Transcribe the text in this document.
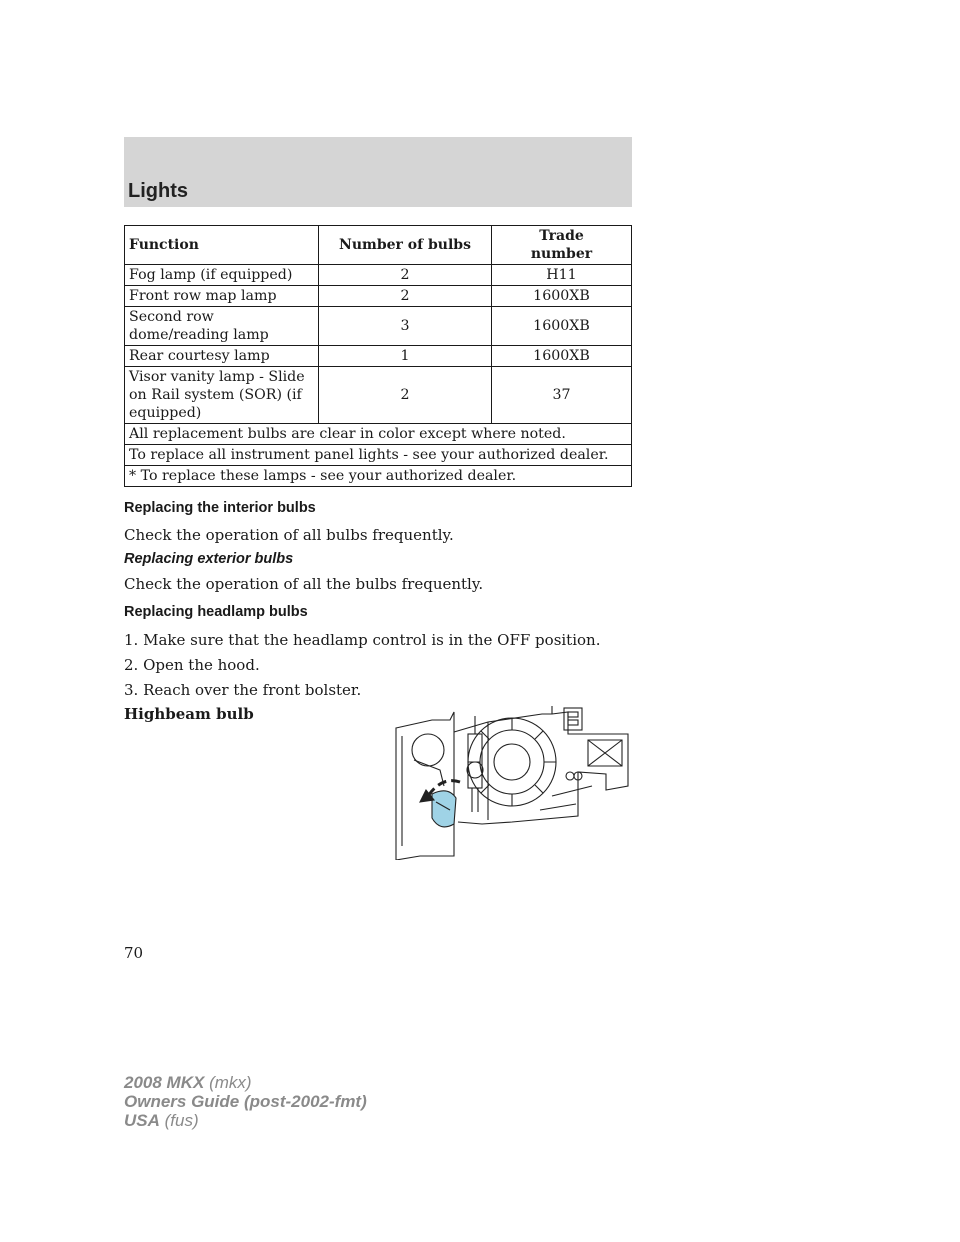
Lights
Function	Number of bulbs	Trade
number
Fog lamp (if equipped)	2	H11
Front row map lamp	2	1600XB
Second row dome/reading lamp	3	1600XB
Rear courtesy lamp	1	1600XB
Visor vanity lamp - Slide on Rail system (SOR) (if equipped)	2	37
All replacement bulbs are clear in color except where noted.		
To replace all instrument panel lights - see your authorized dealer.		
* To replace these lamps - see your authorized dealer.		
Replacing the interior bulbs
Check the operation of all bulbs frequently.
Replacing exterior bulbs
Check the operation of all the bulbs frequently.
Replacing headlamp bulbs
1. Make sure that the headlamp control is in the OFF position.
2. Open the hood.
3. Reach over the front bolster.
Highbeam bulb
70
2008 MKX (mkx)
Owners Guide (post-2002-fmt)
USA (fus)
